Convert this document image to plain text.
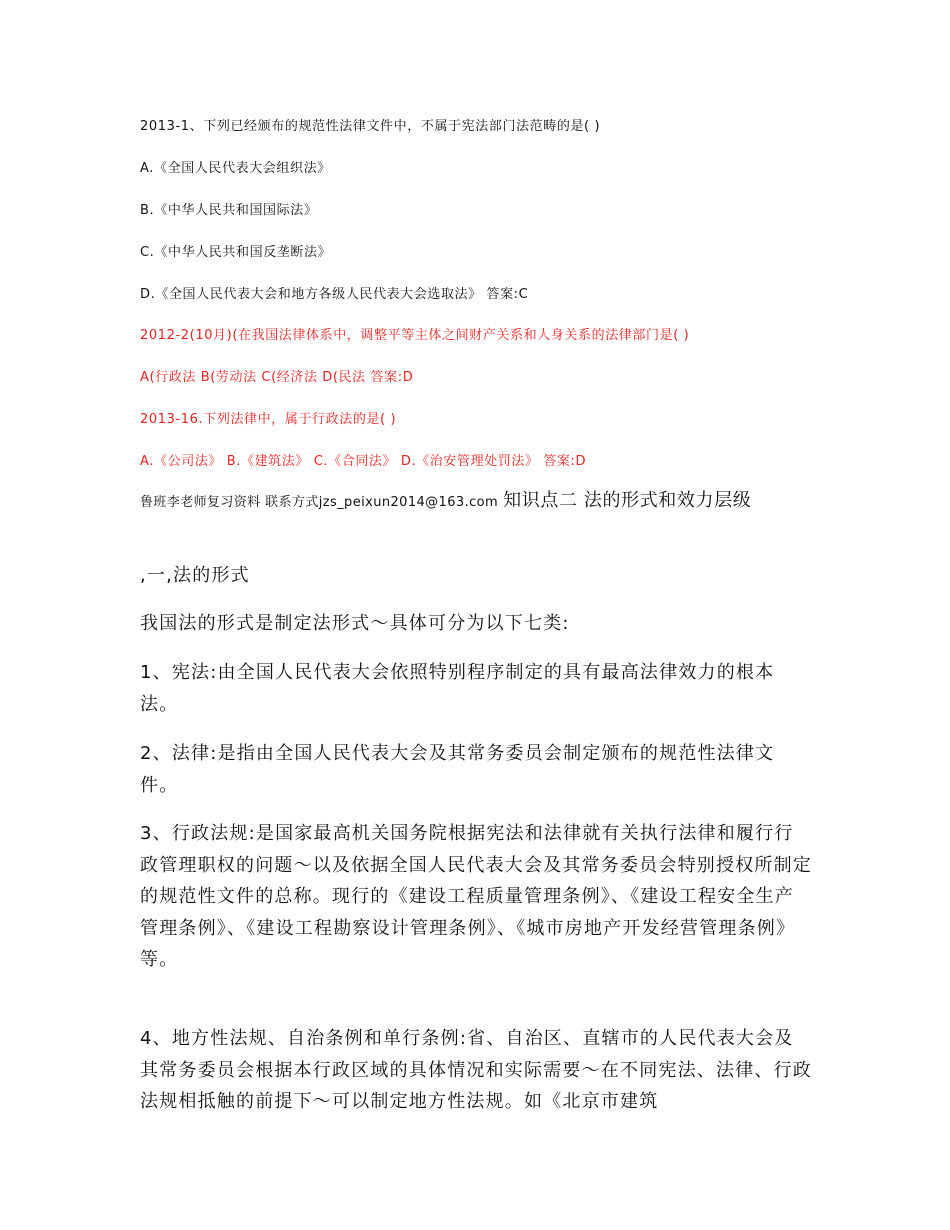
2013-1、下列已经颁布的规范性法律文件中，不属于宪法部门法范畴的是( )
A.《全国人民代表大会组织法》
B.《中华人民共和国国际法》
C.《中华人民共和国反垄断法》
D.《全国人民代表大会和地方各级人民代表大会选取法》 答案:C
2012-2(10月)(在我国法律体系中，调整平等主体之间财产关系和人身关系的法律部门是( )
A(行政法 B(劳动法 C(经济法 D(民法 答案:D
2013-16.下列法律中，属于行政法的是( )
A.《公司法》 B.《建筑法》 C.《合同法》 D.《治安管理处罚法》 答案:D
鲁班李老师复习资料 联系方式jzs_peixun2014@163.com 知识点二 法的形式和效力层级

,一,法的形式

我国法的形式是制定法形式～具体可分为以下七类:

1、宪法:由全国人民代表大会依照特别程序制定的具有最高法律效力的根本法。

2、法律:是指由全国人民代表大会及其常务委员会制定颁布的规范性法律文件。

3、行政法规:是国家最高机关国务院根据宪法和法律就有关执行法律和履行行政管理职权的问题～以及依据全国人民代表大会及其常务委员会特别授权所制定的规范性文件的总称。现行的《建设工程质量管理条例》、《建设工程安全生产管理条例》、《建设工程勘察设计管理条例》、《城市房地产开发经营管理条例》等。

4、地方性法规、自治条例和单行条例:省、自治区、直辖市的人民代表大会及其常务委员会根据本行政区域的具体情况和实际需要～在不同宪法、法律、行政法规相抵触的前提下～可以制定地方性法规。如《北京市建筑
